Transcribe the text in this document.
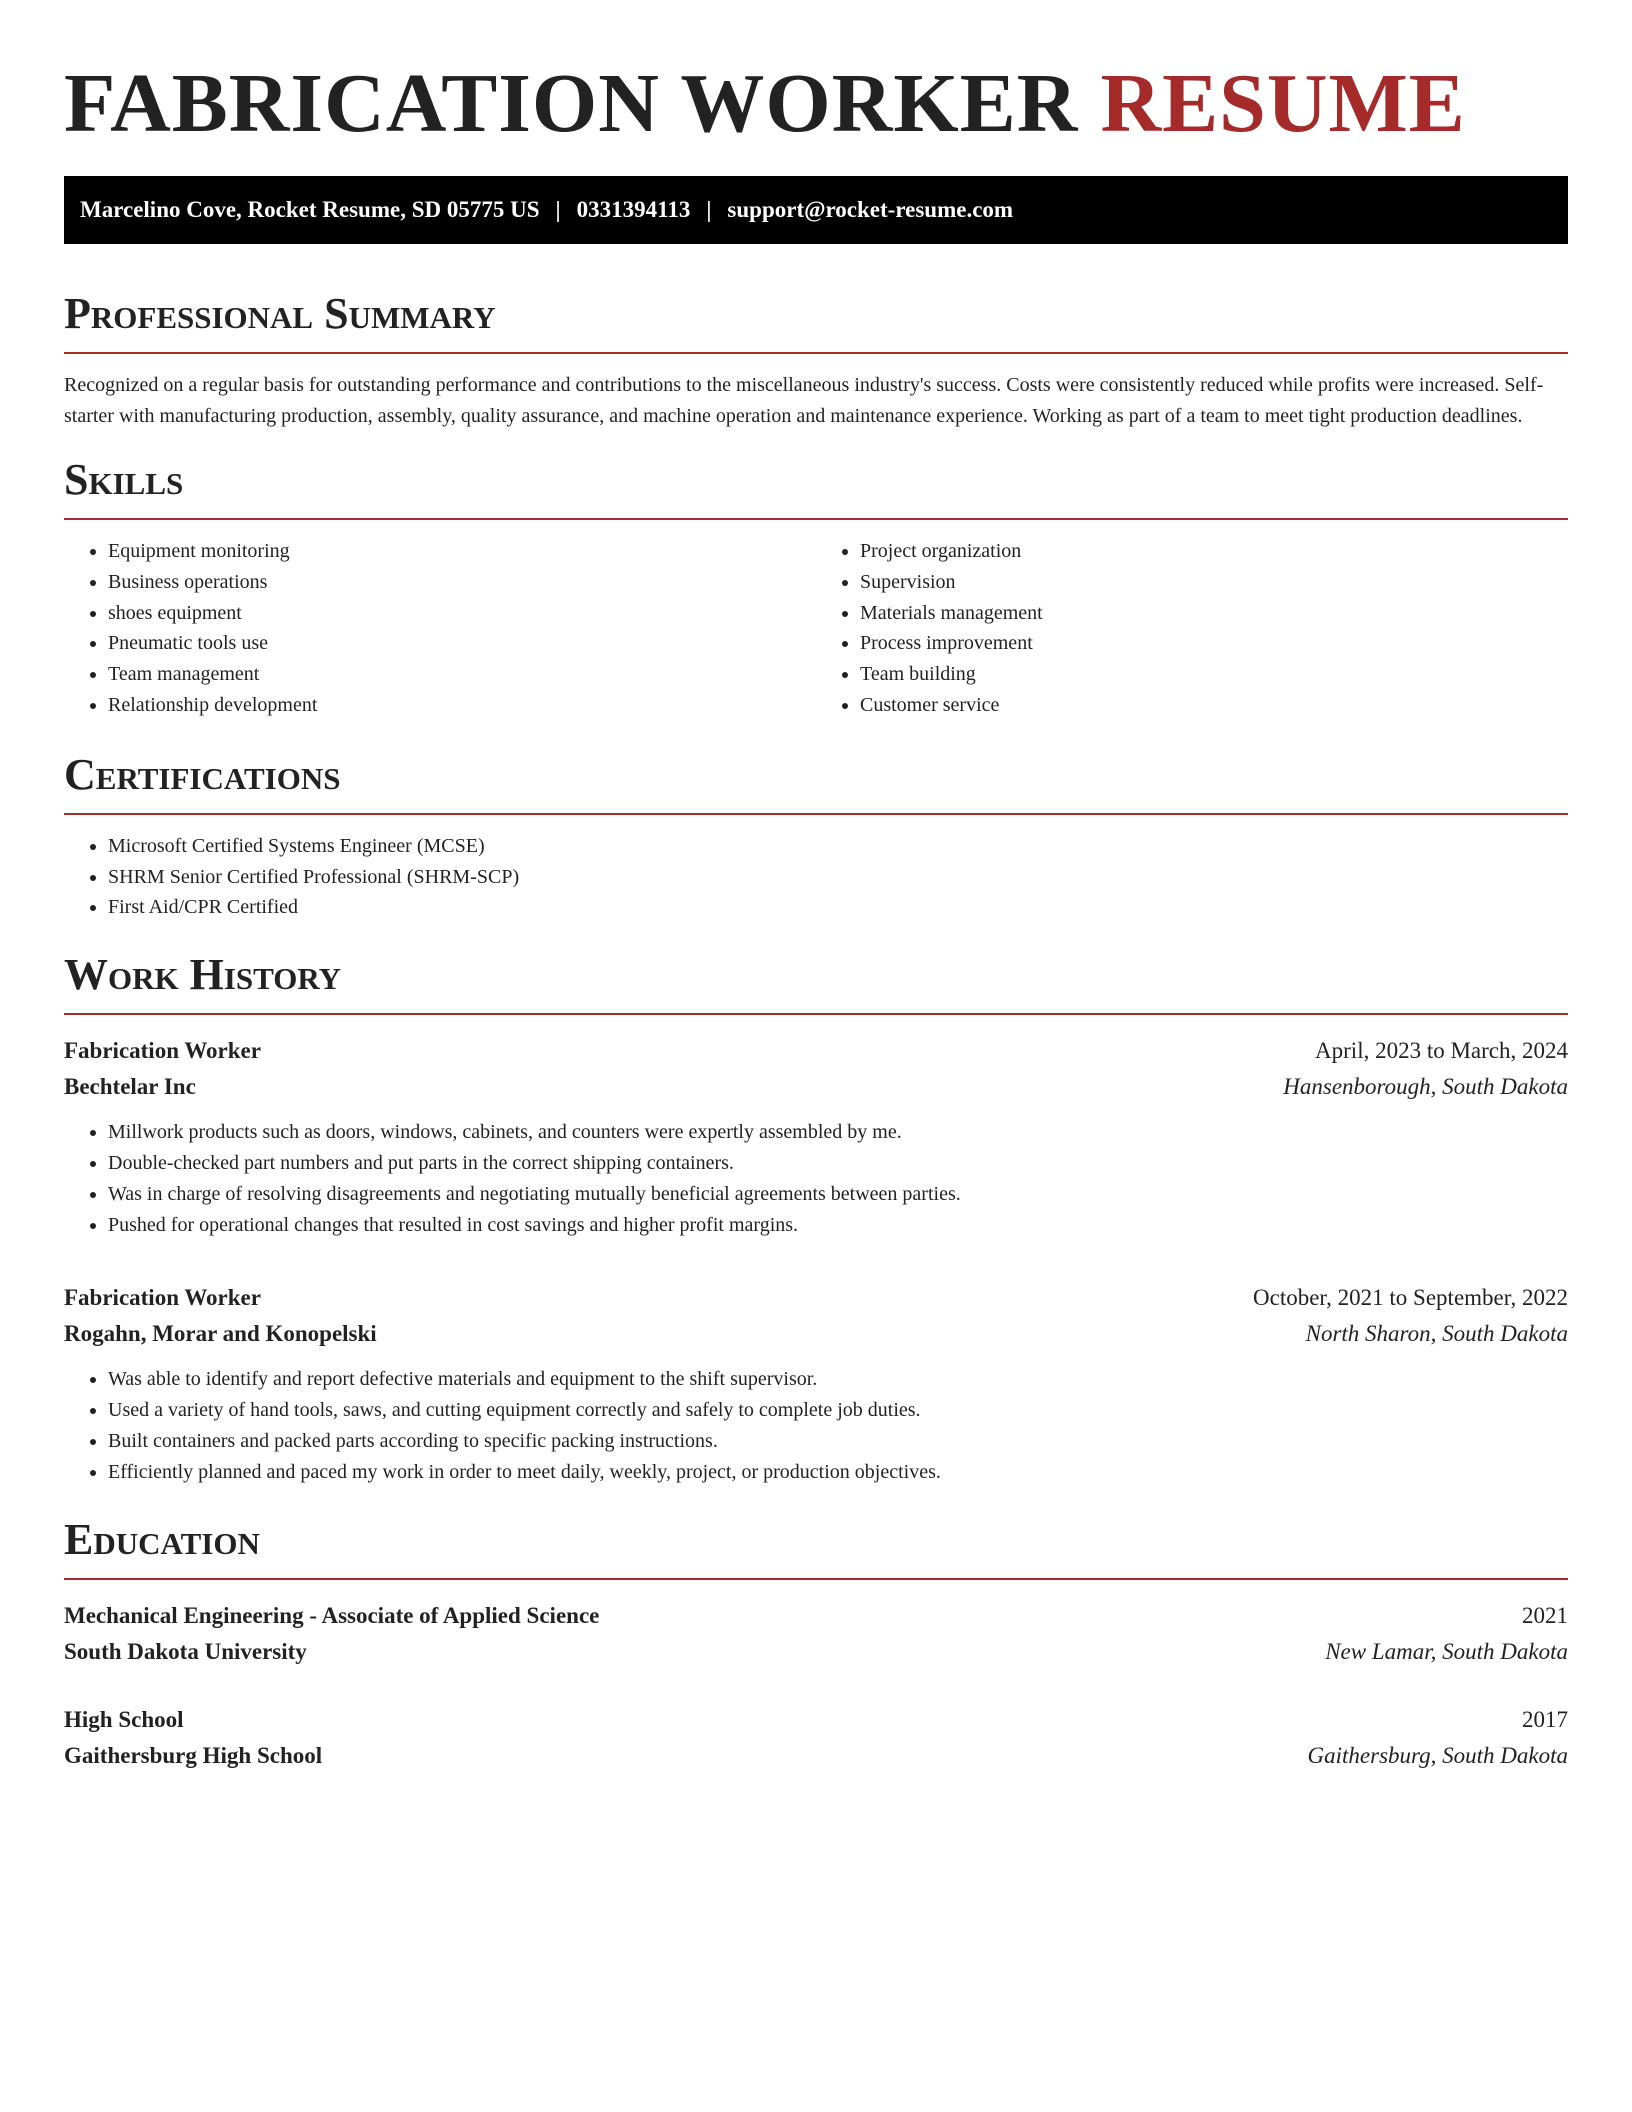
FABRICATION WORKER RESUME
Marcelino Cove, Rocket Resume, SD 05775 US | 0331394113 | support@rocket-resume.com
Professional Summary

Recognized on a regular basis for outstanding performance and contributions to the miscellaneous industry's success. Costs were consistently reduced while profits were increased. Self-starter with manufacturing production, assembly, quality assurance, and machine operation and maintenance experience. Working as part of a team to meet tight production deadlines.

Skills
• Equipment monitoring
• Business operations
• shoes equipment
• Pneumatic tools use
• Team management
• Relationship development
• Project organization
• Supervision
• Materials management
• Process improvement
• Team building
• Customer service
Certifications
• Microsoft Certified Systems Engineer (MCSE)
• SHRM Senior Certified Professional (SHRM-SCP)
• First Aid/CPR Certified
Work History
Fabrication Worker	April, 2023 to March, 2024
Bechtelar Inc	Hansenborough, South Dakota
• Millwork products such as doors, windows, cabinets, and counters were expertly assembled by me.
• Double-checked part numbers and put parts in the correct shipping containers.
• Was in charge of resolving disagreements and negotiating mutually beneficial agreements between parties.
• Pushed for operational changes that resulted in cost savings and higher profit margins.
Fabrication Worker	October, 2021 to September, 2022
Rogahn, Morar and Konopelski	North Sharon, South Dakota
• Was able to identify and report defective materials and equipment to the shift supervisor.
• Used a variety of hand tools, saws, and cutting equipment correctly and safely to complete job duties.
• Built containers and packed parts according to specific packing instructions.
• Efficiently planned and paced my work in order to meet daily, weekly, project, or production objectives.
Education
Mechanical Engineering - Associate of Applied Science	2021
South Dakota University	New Lamar, South Dakota
High School	2017
Gaithersburg High School	Gaithersburg, South Dakota
